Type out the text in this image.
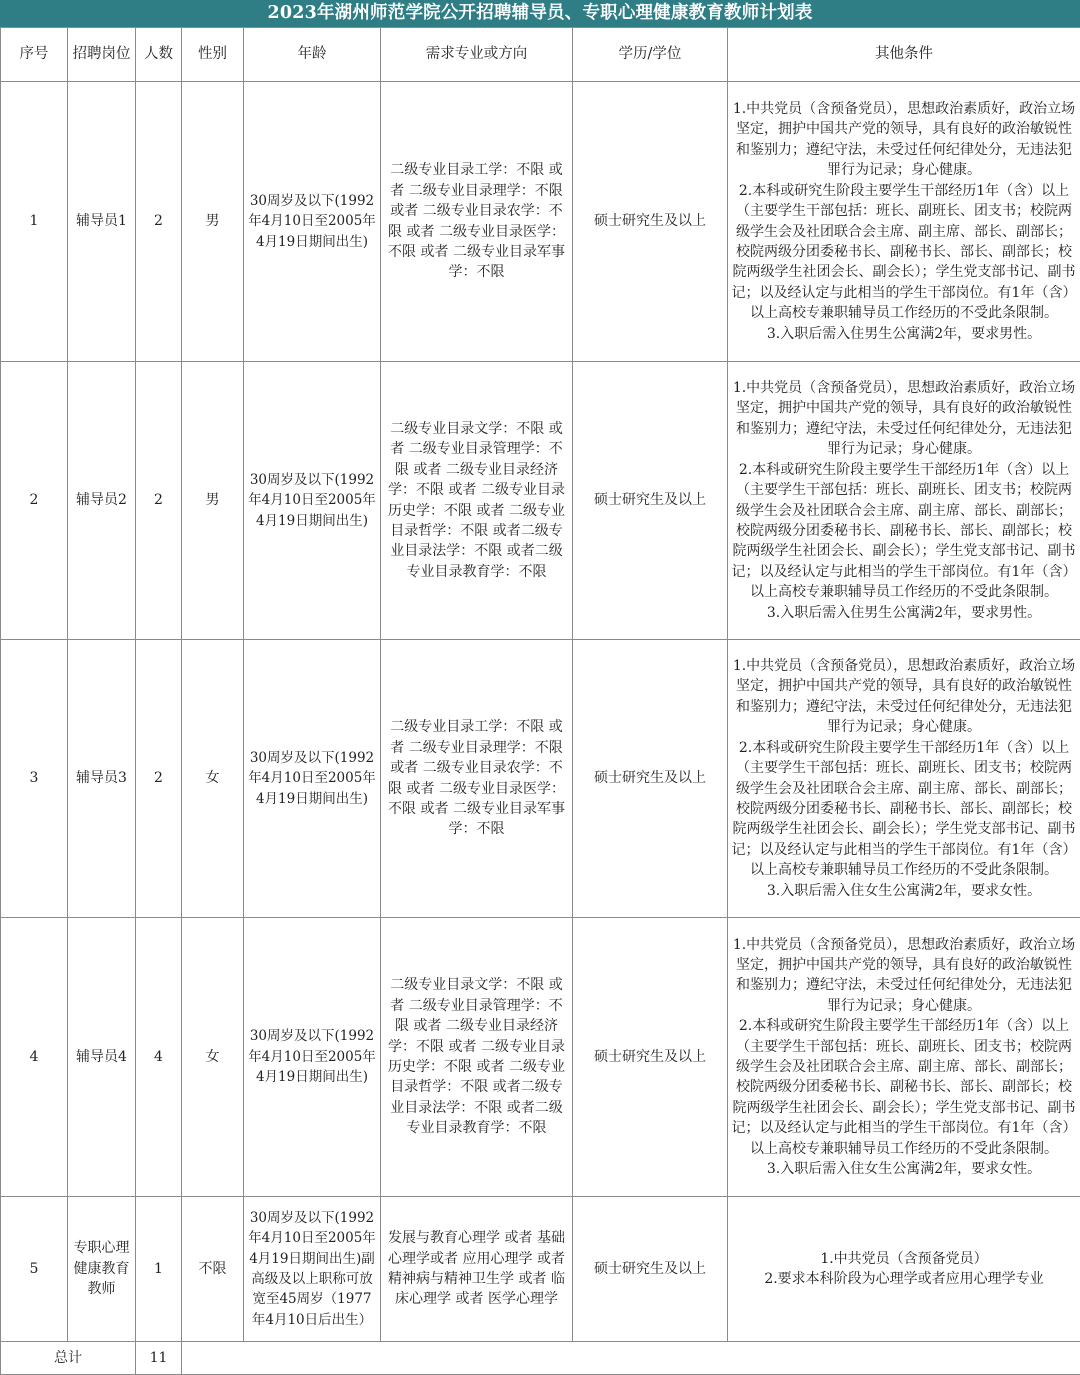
2023年湖州师范学院公开招聘辅导员、专职心理健康教育教师计划表
序号	招聘岗位	人数	性别	年龄	需求专业或方向	学历/学位	其他条件
1	辅导员1	2	男	30周岁及以下(1992年4月10日至2005年4月19日期间出生)	二级专业目录工学：不限 或者 二级专业目录理学：不限 或者 二级专业目录农学：不限 或者 二级专业目录医学：不限 或者 二级专业目录军事学：不限	硕士研究生及以上	1.中共党员（含预备党员），思想政治素质好，政治立场坚定，拥护中国共产党的领导，具有良好的政治敏锐性和鉴别力；遵纪守法，未受过任何纪律处分，无违法犯罪行为记录；身心健康。
2.本科或研究生阶段主要学生干部经历1年（含）以上（主要学生干部包括：班长、副班长、团支书；校院两级学生会及社团联合会主席、副主席、部长、副部长；校院两级分团委秘书长、副秘书长、部长、副部长；校院两级学生社团会长、副会长）；学生党支部书记、副书记；以及经认定与此相当的学生干部岗位。有1年（含）以上高校专兼职辅导员工作经历的不受此条限制。
3.入职后需入住男生公寓满2年，要求男性。

2	辅导员2	2	男	30周岁及以下(1992年4月10日至2005年4月19日期间出生)	二级专业目录文学：不限 或者 二级专业目录管理学：不限 或者 二级专业目录经济学：不限 或者 二级专业目录历史学：不限 或者 二级专业目录哲学：不限 或者二级专业目录法学：不限 或者二级专业目录教育学：不限	硕士研究生及以上	1.中共党员（含预备党员），思想政治素质好，政治立场坚定，拥护中国共产党的领导，具有良好的政治敏锐性和鉴别力；遵纪守法，未受过任何纪律处分，无违法犯罪行为记录；身心健康。
2.本科或研究生阶段主要学生干部经历1年（含）以上（主要学生干部包括：班长、副班长、团支书；校院两级学生会及社团联合会主席、副主席、部长、副部长；校院两级分团委秘书长、副秘书长、部长、副部长；校院两级学生社团会长、副会长）；学生党支部书记、副书记；以及经认定与此相当的学生干部岗位。有1年（含）以上高校专兼职辅导员工作经历的不受此条限制。
3.入职后需入住男生公寓满2年，要求男性。

3	辅导员3	2	女	30周岁及以下(1992年4月10日至2005年4月19日期间出生)	二级专业目录工学：不限 或者 二级专业目录理学：不限 或者 二级专业目录农学：不限 或者 二级专业目录医学：不限 或者 二级专业目录军事学：不限	硕士研究生及以上	1.中共党员（含预备党员），思想政治素质好，政治立场坚定，拥护中国共产党的领导，具有良好的政治敏锐性和鉴别力；遵纪守法，未受过任何纪律处分，无违法犯罪行为记录；身心健康。
2.本科或研究生阶段主要学生干部经历1年（含）以上（主要学生干部包括：班长、副班长、团支书；校院两级学生会及社团联合会主席、副主席、部长、副部长；校院两级分团委秘书长、副秘书长、部长、副部长；校院两级学生社团会长、副会长）；学生党支部书记、副书记；以及经认定与此相当的学生干部岗位。有1年（含）以上高校专兼职辅导员工作经历的不受此条限制。
3.入职后需入住女生公寓满2年，要求女性。

4	辅导员4	4	女	30周岁及以下(1992年4月10日至2005年4月19日期间出生)	二级专业目录文学：不限 或者 二级专业目录管理学：不限 或者 二级专业目录经济学：不限 或者 二级专业目录历史学：不限 或者 二级专业目录哲学：不限 或者二级专业目录法学：不限 或者二级专业目录教育学：不限	硕士研究生及以上	1.中共党员（含预备党员），思想政治素质好，政治立场坚定，拥护中国共产党的领导，具有良好的政治敏锐性和鉴别力；遵纪守法，未受过任何纪律处分，无违法犯罪行为记录；身心健康。
2.本科或研究生阶段主要学生干部经历1年（含）以上（主要学生干部包括：班长、副班长、团支书；校院两级学生会及社团联合会主席、副主席、部长、副部长；校院两级分团委秘书长、副秘书长、部长、副部长；校院两级学生社团会长、副会长）；学生党支部书记、副书记；以及经认定与此相当的学生干部岗位。有1年（含）以上高校专兼职辅导员工作经历的不受此条限制。
3.入职后需入住女生公寓满2年，要求女性。

5	专职心理健康教育教师	1	不限	30周岁及以下(1992年4月10日至2005年4月19日期间出生)副高级及以上职称可放宽至45周岁（1977年4月10日后出生）	发展与教育心理学 或者 基础心理学或者 应用心理学 或者 精神病与精神卫生学 或者 临床心理学 或者 医学心理学	硕士研究生及以上	1.中共党员（含预备党员）
2.要求本科阶段为心理学或者应用心理学专业

总计		11					
